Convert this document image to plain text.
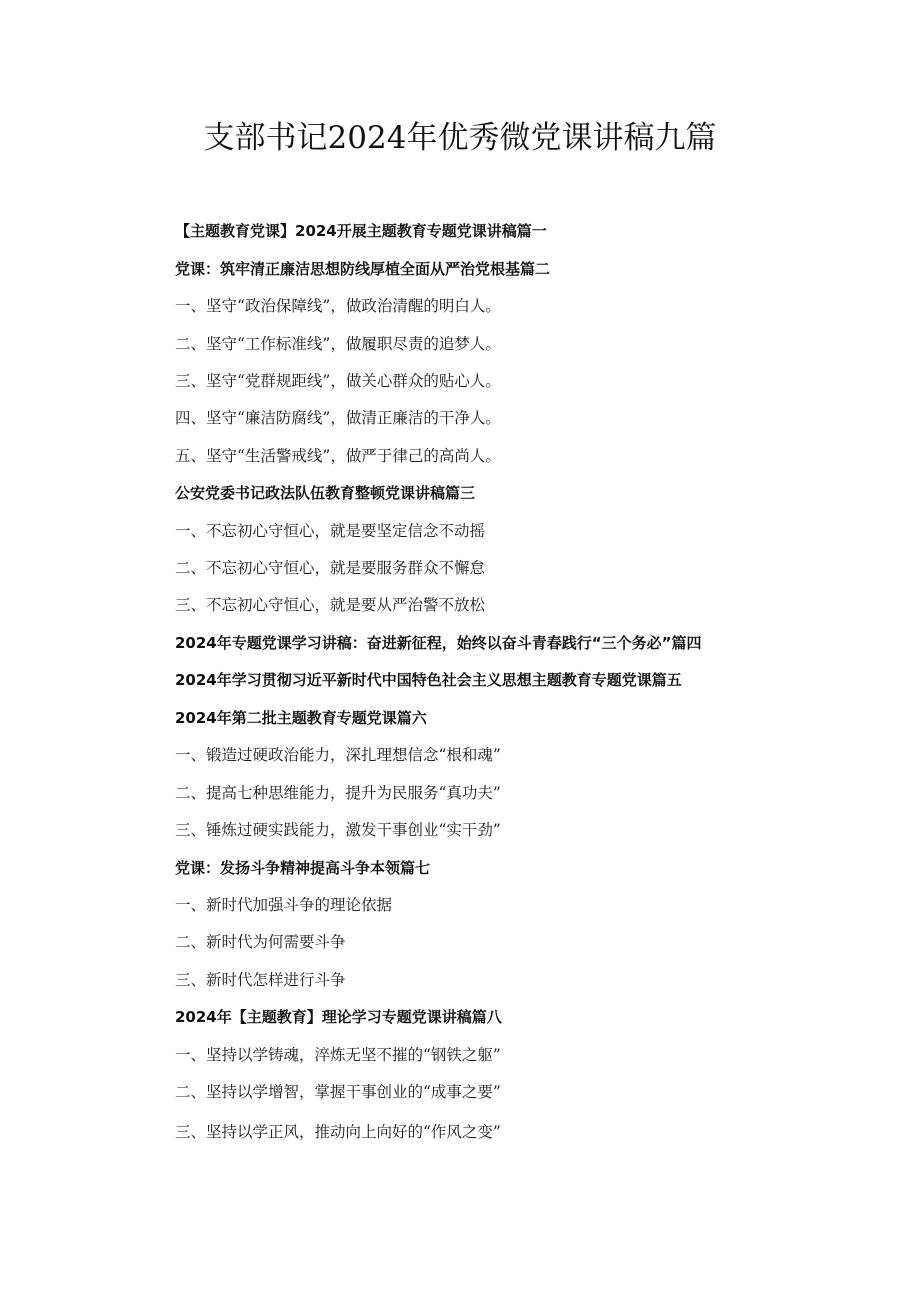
支部书记2024年优秀微党课讲稿九篇
【主题教育党课】2024开展主题教育专题党课讲稿篇一
党课：筑牢清正廉洁思想防线厚植全面从严治党根基篇二
一、坚守“政治保障线”，做政治清醒的明白人。
二、坚守“工作标准线”，做履职尽责的追梦人。
三、坚守“党群规距线”，做关心群众的贴心人。
四、坚守“廉洁防腐线”，做清正廉洁的干净人。
五、坚守“生活警戒线”，做严于律己的高尚人。
公安党委书记政法队伍教育整顿党课讲稿篇三
一、不忘初心守恒心，就是要坚定信念不动摇
二、不忘初心守恒心，就是要服务群众不懈怠
三、不忘初心守恒心，就是要从严治警不放松
2024年专题党课学习讲稿：奋进新征程，始终以奋斗青春践行“三个务必”篇四
2024年学习贯彻习近平新时代中国特色社会主义思想主题教育专题党课篇五
2024年第二批主题教育专题党课篇六
一、锻造过硬政治能力，深扎理想信念“根和魂”
二、提高七种思维能力，提升为民服务“真功夫”
三、锤炼过硬实践能力，激发干事创业“实干劲”
党课：发扬斗争精神提高斗争本领篇七
一、新时代加强斗争的理论依据
二、新时代为何需要斗争
三、新时代怎样进行斗争
2024年【主题教育】理论学习专题党课讲稿篇八
一、坚持以学铸魂，淬炼无坚不摧的“钢铁之躯”
二、坚持以学增智，掌握干事创业的“成事之要”
三、坚持以学正风，推动向上向好的“作风之变”
